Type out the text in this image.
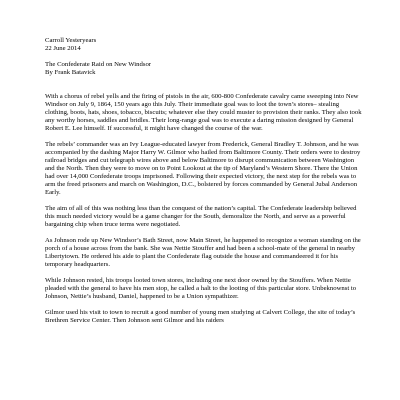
Carroll Yesteryears
22 June 2014
The Confederate Raid on New Windsor
By Frank Batavick

With a chorus of rebel yells and the firing of pistols in the air, 600-800 Confederate cavalry came sweeping into New Windsor on July 9, 1864, 150 years ago this July. Their immediate goal was to loot the town’s stores– stealing clothing, boots, hats, shoes, tobacco, biscuits; whatever else they could muster to provision their ranks. They also took any worthy horses, saddles and bridles. Their long-range goal was to execute a daring mission designed by General Robert E. Lee himself. If successful, it might have changed the course of the war.

The rebels’ commander was an Ivy League-educated lawyer from Frederick, General Bradley T. Johnson, and he was accompanied by the dashing Major Harry W. Gilmor who hailed from Baltimore County. Their orders were to destroy railroad bridges and cut telegraph wires above and below Baltimore to disrupt communication between Washington and the North. Then they were to move on to Point Lookout at the tip of Maryland’s Western Shore. There the Union had over 14,000 Confederate troops imprisoned. Following their expected victory, the next step for the rebels was to arm the freed prisoners and march on Washington, D.C., bolstered by forces commanded by General Jubal Anderson Early.

The aim of all of this was nothing less than the conquest of the nation’s capital. The Confederate leadership believed this much needed victory would be a game changer for the South, demoralize the North, and serve as a powerful bargaining chip when truce terms were negotiated.

As Johnson rode up New Windsor’s Bath Street, now Main Street, he happened to recognize a woman standing on the porch of a house across from the bank. She was Nettie Stouffer and had been a school-mate of the general in nearby Libertytown. He ordered his aide to plant the Confederate flag outside the house and commandeered it for his temporary headquarters.

While Johnson rested, his troops looted town stores, including one next door owned by the Stouffers. When Nettie pleaded with the general to have his men stop, he called a halt to the looting of this particular store. Unbeknownst to Johnson, Nettie’s husband, Daniel, happened to be a Union sympathizer.

Gilmor used his visit to town to recruit a good number of young men studying at Calvert College, the site of today’s Brethren Service Center. Then Johnson sent Gilmor and his raiders
